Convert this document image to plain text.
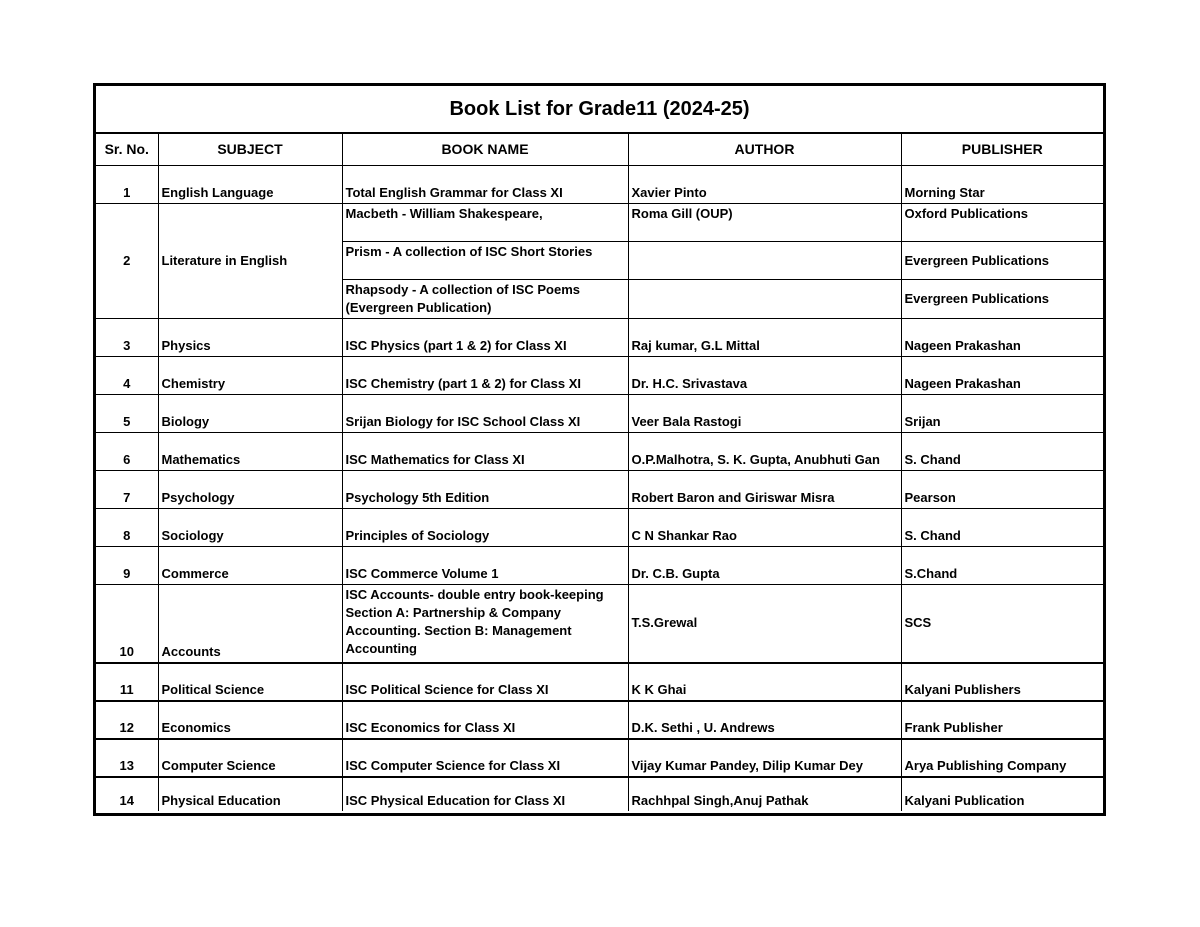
Book List for Grade11 (2024-25)
Sr. No.	SUBJECT	BOOK NAME	AUTHOR	PUBLISHER
1	English Language	Total English Grammar for Class XI	Xavier Pinto	Morning Star
2	Literature in English	Macbeth - William Shakespeare,	Roma Gill (OUP)	Oxford Publications
		Prism - A collection of ISC Short Stories		Evergreen Publications
		Rhapsody - A collection of ISC Poems (Evergreen Publication)		Evergreen Publications
3	Physics	ISC Physics (part 1 & 2) for Class XI	Raj kumar, G.L Mittal	Nageen Prakashan
4	Chemistry	ISC Chemistry (part 1 & 2) for Class XI	Dr. H.C. Srivastava	Nageen Prakashan
5	Biology	Srijan Biology for ISC School Class XI	Veer Bala Rastogi	Srijan
6	Mathematics	ISC Mathematics for Class XI	O.P.Malhotra, S. K. Gupta, Anubhuti Gan	S. Chand
7	Psychology	Psychology 5th Edition	Robert Baron and Giriswar Misra	Pearson
8	Sociology	Principles of Sociology	C N Shankar Rao	S. Chand
9	Commerce	ISC Commerce Volume 1	Dr. C.B. Gupta	S.Chand
10	Accounts	ISC Accounts- double entry book-keeping Section A: Partnership & Company Accounting. Section B: Management Accounting	T.S.Grewal	SCS
11	Political Science	ISC Political Science for Class XI	K K Ghai	Kalyani Publishers
12	Economics	ISC Economics for Class XI	D.K. Sethi , U. Andrews	Frank Publisher
13	Computer Science	ISC Computer Science for Class XI	Vijay Kumar Pandey, Dilip Kumar Dey	Arya Publishing Company
14	Physical Education	ISC Physical Education for Class XI	Rachhpal Singh,Anuj Pathak	Kalyani Publication
